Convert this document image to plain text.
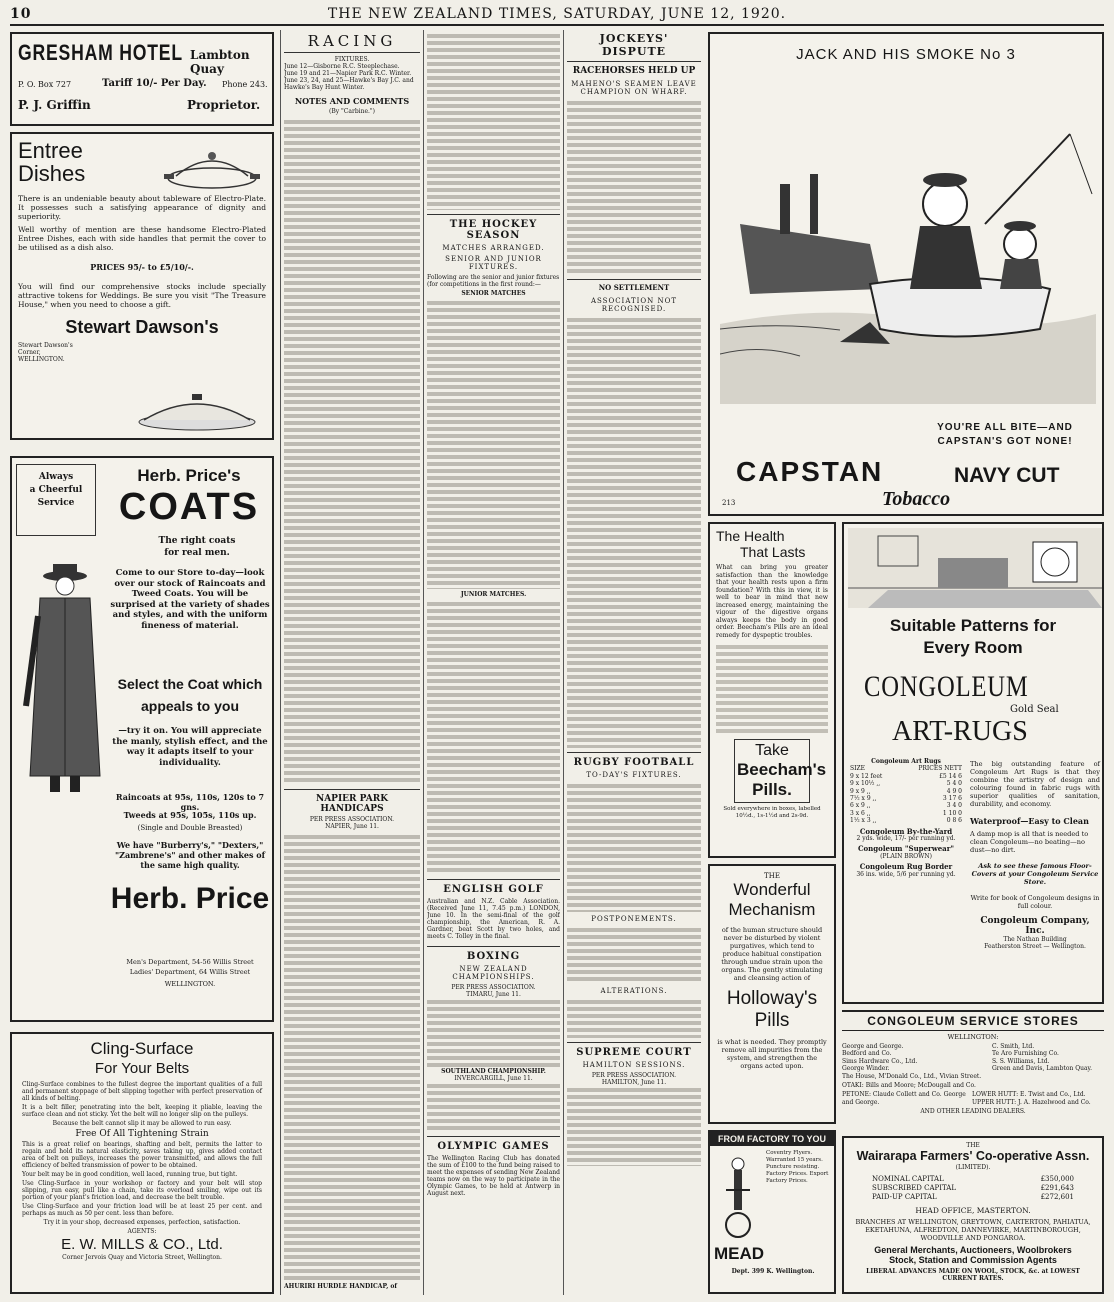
10	THE NEW ZEALAND TIMES, SATURDAY, JUNE 12, 1920.
GRESHAM HOTEL Lambton Quay
P. O. Box 727	Tariff 10/- Per Day. Phone 243.
P. J. Griffin	Proprietor.
Entree
Dishes

There is an undeniable beauty about tableware of Electro-Plate. It possesses such a satisfying appearance of dignity and superiority.

Well worthy of mention are these handsome Electro-Plated Entree Dishes, each with side handles that permit the cover to be utilised as a dish also.

PRICES 95/- to £5/10/-.

You will find our comprehensive stocks include specially attractive tokens for Weddings. Be sure you visit "The Treasure House," when you need to choose a gift.

Stewart Dawson's
Stewart Dawson's
Corner,
WELLINGTON.
Always
a Cheerful
Service
Herb. Price's
COATS
The right coats
for real men.

Come to our Store to-day—look over our stock of Raincoats and Tweed Coats. You will be surprised at the variety of shades and styles, and with the uniform fineness of material.

Select the Coat which
appeals to you

—try it on. You will appreciate the manly, stylish effect, and the way it adapts itself to your individuality.

Raincoats at 95s, 110s, 120s to 7 gns.
Tweeds at 95s, 105s, 110s up.
(Single and Double Breasted)

We have "Burberry's," "Dexters," "Zambrene's" and other makes of the same high quality.

Herb. Price
Men's Department, 54-56 Willis Street
Ladies' Department, 64 Willis Street
WELLINGTON.
Cling-Surface
For Your Belts

Cling-Surface combines to the fullest degree the important qualities of a full and permanent stoppage of belt slipping together with perfect preservation of all kinds of belting.

It is a belt filler, penetrating into the belt, keeping it pliable, leaving the surface clean and not sticky. Yet the belt will no longer slip on the pulleys.

Because the belt cannot slip it may be allowed to run easy.

Free Of All Tightening Strain

This is a great relief on bearings, shafting and belt, permits the latter to regain and hold its natural elasticity, saves taking up, gives added contact area of belt on pulleys, increases the power transmitted, and allows the full efficiency of belted transmission of power to be obtained.

Your belt may be in good condition, well laced, running true, but tight.

Use Cling-Surface in your workshop or factory and your belt will stop slipping, run easy, pull like a chain, take its overload smiling, wipe out its portion of your plant's friction load, and decrease the belt trouble.

Use Cling-Surface and your friction load will be at least 25 per cent. and perhaps as much as 50 per cent. less than before.

Try it in your shop, decreased expenses, perfection, satisfaction.

AGENTS:
E. W. MILLS & CO., Ltd.
Corner Jervois Quay and Victoria Street, Wellington.
RACING
FIXTURES.
June 12—Gisborne R.C. Steeplechase.
June 19 and 21—Napier Park R.C. Winter.
June 23, 24, and 25—Hawke's Bay J.C. and Hawke's Bay Hunt Winter.
NOTES AND COMMENTS
(By "Carbine.")
NAPIER PARK HANDICAPS
PER PRESS ASSOCIATION.
NAPIER, June 11.
AHURIRI HURDLE HANDICAP, of
THE HOCKEY SEASON
MATCHES ARRANGED.
SENIOR AND JUNIOR FIXTURES.
Following are the senior and junior fixtures (for competitions in the first round:—
SENIOR MATCHES
JUNIOR MATCHES.
ENGLISH GOLF

Australian and N.Z. Cable Association. (Received June 11, 7.45 p.m.) LONDON, June 10. In the semi-final of the golf championship, the American, R. A. Gardner, beat Scott by two holes, and meets C. Tolley in the final.

BOXING
NEW ZEALAND CHAMPIONSHIPS.
PER PRESS ASSOCIATION.
TIMARU, June 11.
SOUTHLAND CHAMPIONSHIP.
INVERCARGILL, June 11.
OLYMPIC GAMES

The Wellington Racing Club has donated the sum of £100 to the fund being raised to meet the expenses of sending New Zealand teams now on the way to participate in the Olympic Games, to be held at Antwerp in August next.

JOCKEYS' DISPUTE
RACEHORSES HELD UP
MAHENO'S SEAMEN LEAVE CHAMPION ON WHARF.
NO SETTLEMENT
ASSOCIATION NOT RECOGNISED.
RUGBY FOOTBALL
TO-DAY'S FIXTURES.
POSTPONEMENTS.
ALTERATIONS.
SUPREME COURT
HAMILTON SESSIONS.
PER PRESS ASSOCIATION.
HAMILTON, June 11.
JACK AND HIS SMOKE No 3
YOU'RE ALL BITE—AND
CAPSTAN'S GOT NONE!
CAPSTAN	NAVY CUT
Tobacco
213
The Health
That Lasts

What can bring you greater satisfaction than the knowledge that your health rests upon a firm foundation? With this in view, it is well to bear in mind that new increased energy, maintaining the vigour of the digestive organs always keeps the body in good order. Beecham's Pills are an ideal remedy for dyspeptic troubles.

Take
Beecham's
Pills.
Sold everywhere in boxes, labelled 10½d., 1s-1½d and 2s-9d.
THE
Wonderful
Mechanism

of the human structure should never be disturbed by violent purgatives, which tend to produce habitual constipation through undue strain upon the organs. The gently stimulating and cleansing action of

Holloway's
Pills

is what is needed. They promptly remove all impurities from the system, and strengthen the organs acted upon.

FROM FACTORY TO YOU

Coventry Flyers. Warranted 15 years. Puncture resisting. Factory Prices. Export Factory Prices.

MEAD
Dept. 399 K. Wellington.
Suitable Patterns for
Every Room
CONGOLEUM
Gold Seal
ART-RUGS
Congoleum Art Rugs
SIZE	PRICES NETT
9 x 12 feet	£5 14 6
9 x 10½ ,,	5 4 0
9 x 9 ,,	4 9 0
7½ x 9 ,,	3 17 6
6 x 9 ,,	3 4 0
3 x 6 ,,	1 10 0
1½ x 3 ,,	0 8 6
Congoleum By-the-Yard
2 yds. wide, 17/- per running yd.
Congoleum "Superwear"
(PLAIN BROWN)
Congoleum Rug Border
36 ins. wide, 5/6 per running yd.

The big outstanding feature of Congoleum Art Rugs is that they combine the artistry of design and colouring found in fabric rugs with superior qualities of sanitation, durability, and economy.

Waterproof—Easy to Clean

A damp mop is all that is needed to clean Congoleum—no beating—no dust—no dirt.

Ask to see these famous Floor-Covers at your Congoleum Service Store.

Write for book of Congoleum designs in full colour.

Congoleum Company, Inc.
The Nathan Building
Featherston Street — Wellington.
CONGOLEUM SERVICE STORES
WELLINGTON:
George and George.
Bedford and Co.
Sims Hardware Co., Ltd.
George Winder.
The House, M'Donald Co., Ltd., Vivian Street.
C. Smith, Ltd.
Te Aro Furnishing Co.
S. S. Williams, Ltd.
Green and Davis, Lambton Quay.
OTAKI: Bills and Moore; McDougall and Co.
PETONE: Claude Collett and Co. George and George.
LOWER HUTT: E. Twist and Co., Ltd. UPPER HUTT: J. A. Hazelwood and Co.
AND OTHER LEADING DEALERS.
THE
Wairarapa Farmers' Co-operative Assn.
(LIMITED).
NOMINAL CAPITAL	£350,000
SUBSCRIBED CAPITAL	£291,643
PAID-UP CAPITAL	£272,601
HEAD OFFICE, MASTERTON.

BRANCHES AT WELLINGTON, GREYTOWN, CARTERTON, PAHIATUA, EKETAHUNA, ALFREDTON, DANNEVIRKE, MARTINBOROUGH, WOODVILLE AND PONGAROA.

General Merchants, Auctioneers, Woolbrokers
Stock, Station and Commission Agents
LIBERAL ADVANCES MADE ON WOOL, STOCK, &c. at LOWEST CURRENT RATES.
